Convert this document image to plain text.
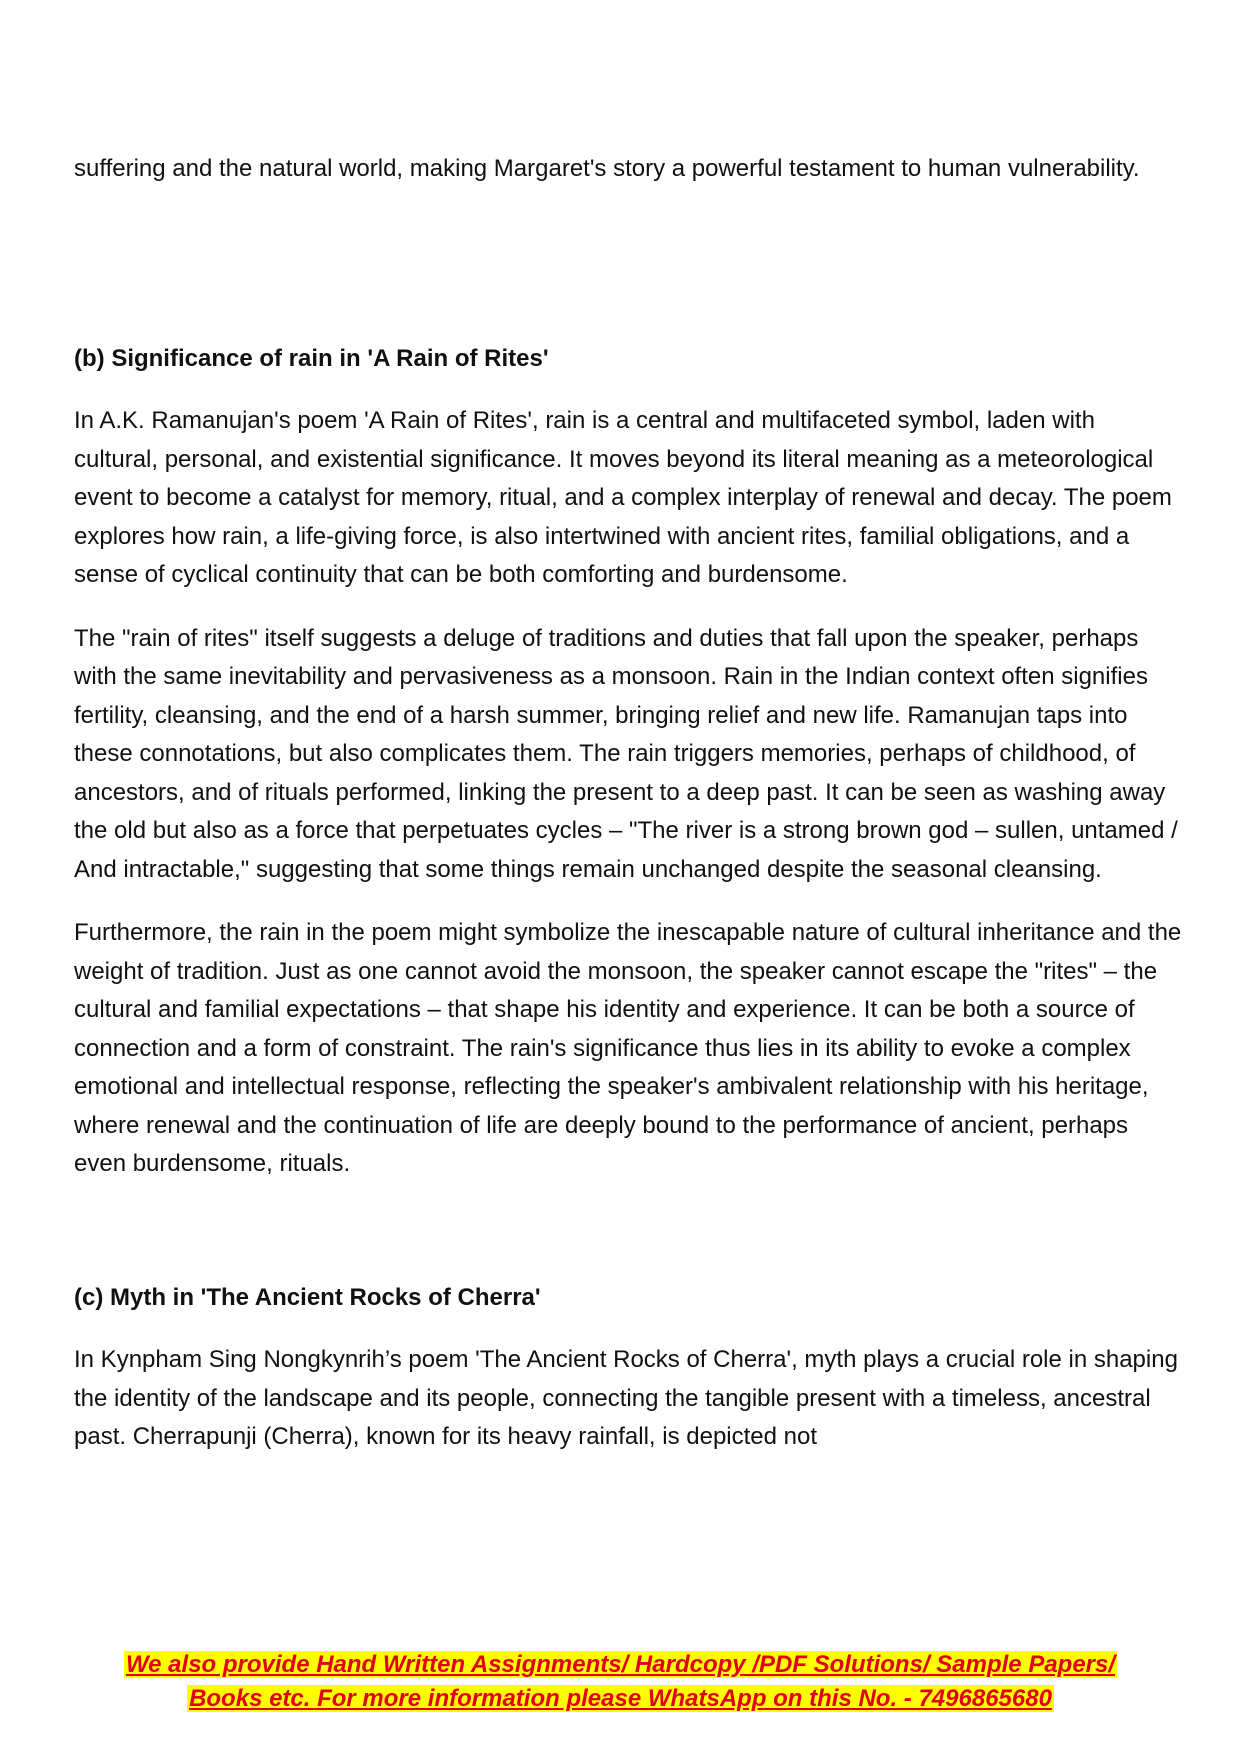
suffering and the natural world, making Margaret's story a powerful testament to human vulnerability.

(b) Significance of rain in 'A Rain of Rites'

In A.K. Ramanujan's poem 'A Rain of Rites', rain is a central and multifaceted symbol, laden with cultural, personal, and existential significance. It moves beyond its literal meaning as a meteorological event to become a catalyst for memory, ritual, and a complex interplay of renewal and decay. The poem explores how rain, a life-giving force, is also intertwined with ancient rites, familial obligations, and a sense of cyclical continuity that can be both comforting and burdensome.

The "rain of rites" itself suggests a deluge of traditions and duties that fall upon the speaker, perhaps with the same inevitability and pervasiveness as a monsoon. Rain in the Indian context often signifies fertility, cleansing, and the end of a harsh summer, bringing relief and new life. Ramanujan taps into these connotations, but also complicates them. The rain triggers memories, perhaps of childhood, of ancestors, and of rituals performed, linking the present to a deep past. It can be seen as washing away the old but also as a force that perpetuates cycles – "The river is a strong brown god – sullen, untamed / And intractable," suggesting that some things remain unchanged despite the seasonal cleansing.

Furthermore, the rain in the poem might symbolize the inescapable nature of cultural inheritance and the weight of tradition. Just as one cannot avoid the monsoon, the speaker cannot escape the "rites" – the cultural and familial expectations – that shape his identity and experience. It can be both a source of connection and a form of constraint. The rain's significance thus lies in its ability to evoke a complex emotional and intellectual response, reflecting the speaker's ambivalent relationship with his heritage, where renewal and the continuation of life are deeply bound to the performance of ancient, perhaps even burdensome, rituals.

(c) Myth in 'The Ancient Rocks of Cherra'

In Kynpham Sing Nongkynrih’s poem 'The Ancient Rocks of Cherra', myth plays a crucial role in shaping the identity of the landscape and its people, connecting the tangible present with a timeless, ancestral past. Cherrapunji (Cherra), known for its heavy rainfall, is depicted not

We also provide Hand Written Assignments/ Hardcopy /PDF Solutions/ Sample Papers/
Books etc. For more information please WhatsApp on this No. - 7496865680
